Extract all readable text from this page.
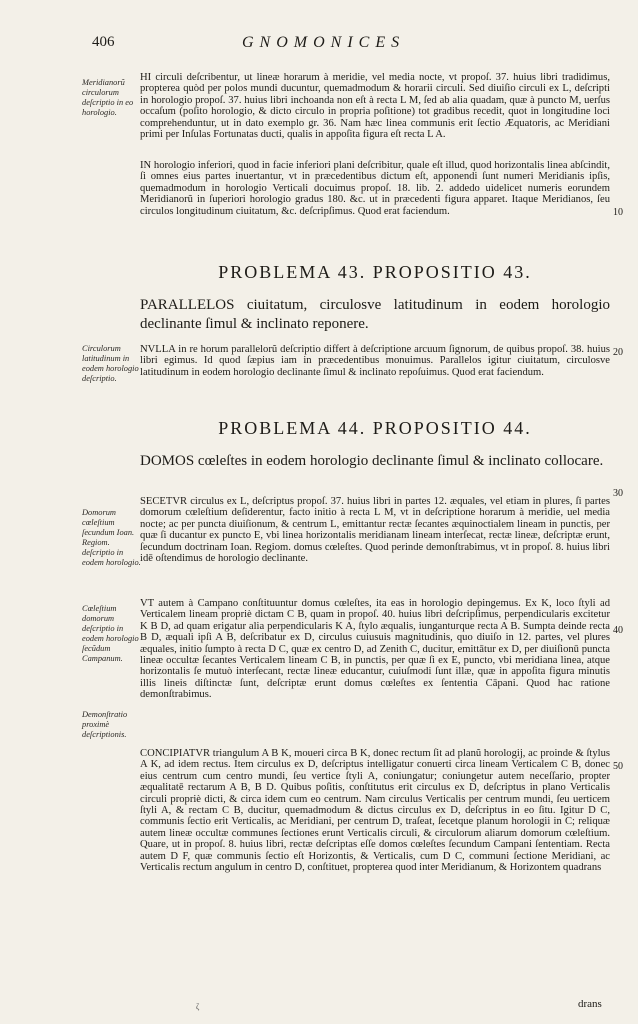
406	GNOMONICES
Meridianorũ circulorum deſcriptio in eo horologio.
Circulorum latitudinum in eodem horologio deſcriptio.
Domorum cœleſtium ſecundum Ioan. Regiom. deſcriptio in eodem horologio.
Cœleſtium domorum deſcriptio in eodem horologio ſecũdum Campanum.
Demonſtratio proximè deſcriptionis.
10
20
30
40
50

HI circuli deſcribentur, ut lineæ horarum à meridie, vel media nocte, vt propoſ. 37. huius libri tradidimus, propterea quòd per polos mundi ducuntur, quemadmodum & horarii circuli. Sed diuiſio circuli ex L, deſcripti in horologio propoſ. 37. huius libri inchoanda non eſt à recta L M, ſed ab alia quadam, quæ à puncto M, uerſus occaſum (poſito horologio, & dicto circulo in propria poſitione) tot gradibus recedit, quot in longitudine loci comprehenduntur, ut in dato exemplo gr. 36. Nam hæc linea communis erit ſectio Æquatoris, ac Meridiani primi per Inſulas Fortunatas ducti, qualis in appoſita figura eſt recta L A.

IN horologio inferiori, quod in facie inferiori plani deſcribitur, quale eſt illud, quod horizontalis linea abſcindit, ſi omnes eius partes inuertantur, vt in præcedentibus dictum eſt, apponendi ſunt numeri Meridianis ipſis, quemadmodum in horologio Verticali docuimus propoſ. 18. lib. 2. addedo uidelicet numeris eorundem Meridianorũ in ſuperiori horologio gradus 180. &c. ut in præcedenti figura apparet. Itaque Meridianos, ſeu circulos longitudinum ciuitatum, &c. deſcripſimus. Quod erat faciendum.

PROBLEMA 43. PROPOSITIO 43.
PARALLELOS ciuitatum, circulosve latitudinum in eodem horologio declinante ſimul & inclinato reponere.

NVLLA in re horum parallelorũ deſcriptio differt à deſcriptione arcuum ſignorum, de quibus propoſ. 38. huius libri egimus. Id quod ſæpius iam in præcedentibus monuimus. Parallelos igitur ciuitatum, circulosve latitudinum in eodem horologio declinante ſimul & inclinato repoſuimus. Quod erat faciendum.

PROBLEMA 44. PROPOSITIO 44.
DOMOS cœleſtes in eodem horologio declinante ſimul & inclinato collocare.

SECETVR circulus ex L, deſcriptus propoſ. 37. huius libri in partes 12. æquales, vel etiam in plures, ſi partes domorum cœleſtium deſiderentur, facto initio à recta L M, vt in deſcriptione horarum à meridie, uel media nocte; ac per puncta diuiſionum, & centrum L, emittantur rectæ ſecantes æquinoctialem lineam in punctis, per quæ ſi ducantur ex puncto E, vbi linea horizontalis meridianam lineam interſecat, rectæ lineæ, deſcriptæ erunt, ſecundum doctrinam Ioan. Regiom. domus cœleſtes. Quod perinde demonſtrabimus, vt in propoſ. 8. huius libri idē oſtendimus de horologio declinante.

VT autem à Campano conſtituuntur domus cœleſtes, ita eas in horologio depingemus. Ex K, loco ſtyli ad Verticalem lineam propriè dictam C B, quam in propoſ. 40. huius libri deſcripſimus, perpendicularis excitetur K B D, ad quam erigatur alia perpendicularis K A, ſtylo æqualis, iunganturque recta A B. Sumpta deinde recta B D, æquali ipſi A B, deſcribatur ex D, circulus cuiusuis magnitudinis, quo diuiſo in 12. partes, vel plures æquales, initio ſumpto à recta D C, quæ ex centro D, ad Zenith C, ducitur, emittātur ex D, per diuiſionū puncta lineæ occultæ ſecantes Verticalem lineam C B, in punctis, per quæ ſi ex E, puncto, vbi meridiana linea, atque horizontalis ſe mutuò interſecant, rectæ lineæ educantur, cuiuſmodi ſunt illæ, quæ in appoſita figura minutis illis lineis diſtinctæ ſunt, deſcriptæ erunt domus cœleſtes ex ſententia Cāpani. Quod hac ratione demonſtrabimus.

CONCIPIATVR triangulum A B K, moueri circa B K, donec rectum ſit ad planũ horologij, ac proinde & ſtylus A K, ad idem rectus. Item circulus ex D, deſcriptus intelligatur conuerti circa lineam Verticalem C B, donec eius centrum cum centro mundi, ſeu vertice ſtyli A, coniungatur; coniungetur autem neceſſario, propter æqualitatē rectarum A B, B D. Quibus poſitis, conſtitutus erit circulus ex D, deſcriptus in plano Verticalis circuli propriè dicti, & circa idem cum eo centrum. Nam circulus Verticalis per centrum mundi, ſeu uerticem ſtyli A, & rectam C B, ducitur, quemadmodum & dictus circulus ex D, deſcriptus in eo ſitu. Igitur D C, communis ſectio erit Verticalis, ac Meridiani, per centrum D, traſeat, ſecetque planum horologii in C; reliquæ autem lineæ occultæ communes ſectiones erunt Verticalis circuli, & circulorum aliarum domorum cœleſtium. Quare, ut in propoſ. 8. huius libri, rectæ deſcriptas eſſe domos cœleſtes ſecundum Campani ſententiam. Recta autem D F, quæ communis ſectio eſt Horizontis, & Verticalis, cum D C, communi ſectione Meridiani, ac Verticalis rectum angulum in centro D, conſtituet, propterea quod inter Meridianum, & Horizontem quadrans

ζ	drans
